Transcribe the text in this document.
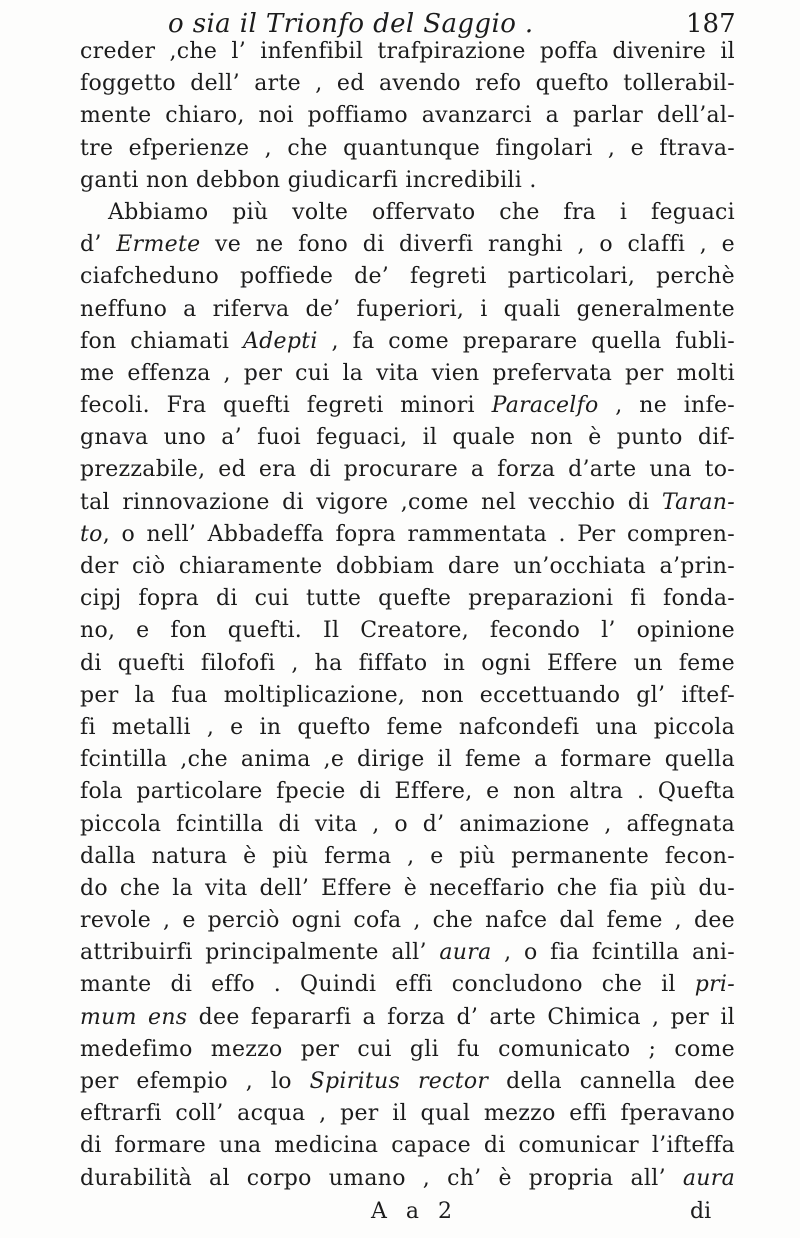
o sia il Trionfo del Saggio .	187
creder ,che l’ infenfibil trafpirazione poffa divenire il
foggetto dell’ arte , ed avendo refo quefto tollerabil-
mente chiaro, noi poffiamo avanzarci a parlar dell’al-
tre efperienze , che quantunque fingolari , e ftrava-
ganti non debbon giudicarfi incredibili .
Abbiamo più volte offervato che fra i feguaci
d’ Ermete ve ne fono di diverfi ranghi , o claffi , e
ciafcheduno poffiede de’ fegreti particolari, perchè
neffuno a riferva de’ fuperiori, i quali generalmente
fon chiamati Adepti , fa come preparare quella fubli-
me effenza , per cui la vita vien prefervata per molti
fecoli. Fra quefti fegreti minori Paracelfo , ne infe-
gnava uno a’ fuoi feguaci, il quale non è punto dif-
prezzabile, ed era di procurare a forza d’arte una to-
tal rinnovazione di vigore ,come nel vecchio di Taran-
to, o nell’ Abbadeffa fopra rammentata . Per compren-
der ciò chiaramente dobbiam dare un’occhiata a’prin-
cipj fopra di cui tutte quefte preparazioni fi fonda-
no, e fon quefti. Il Creatore, fecondo l’ opinione
di quefti filofofi , ha fiffato in ogni Effere un feme
per la fua moltiplicazione, non eccettuando gl’ iftef-
fi metalli , e in quefto feme nafcondefi una piccola
fcintilla ,che anima ,e dirige il feme a formare quella
fola particolare fpecie di Effere, e non altra . Quefta
piccola fcintilla di vita , o d’ animazione , affegnata
dalla natura è più ferma , e più permanente fecon-
do che la vita dell’ Effere è neceffario che fia più du-
revole , e perciò ogni cofa , che nafce dal feme , dee
attribuirfi principalmente all’ aura , o fia fcintilla ani-
mante di effo . Quindi effi concludono che il pri-
mum ens dee fepararfi a forza d’ arte Chimica , per il
medefimo mezzo per cui gli fu comunicato ; come
per efempio , lo Spiritus rector della cannella dee
eftrarfi coll’ acqua , per il qual mezzo effi fperavano
di formare una medicina capace di comunicar l’ifteffa
durabilità al corpo umano , ch’ è propria all’ aura
A a 2	di
